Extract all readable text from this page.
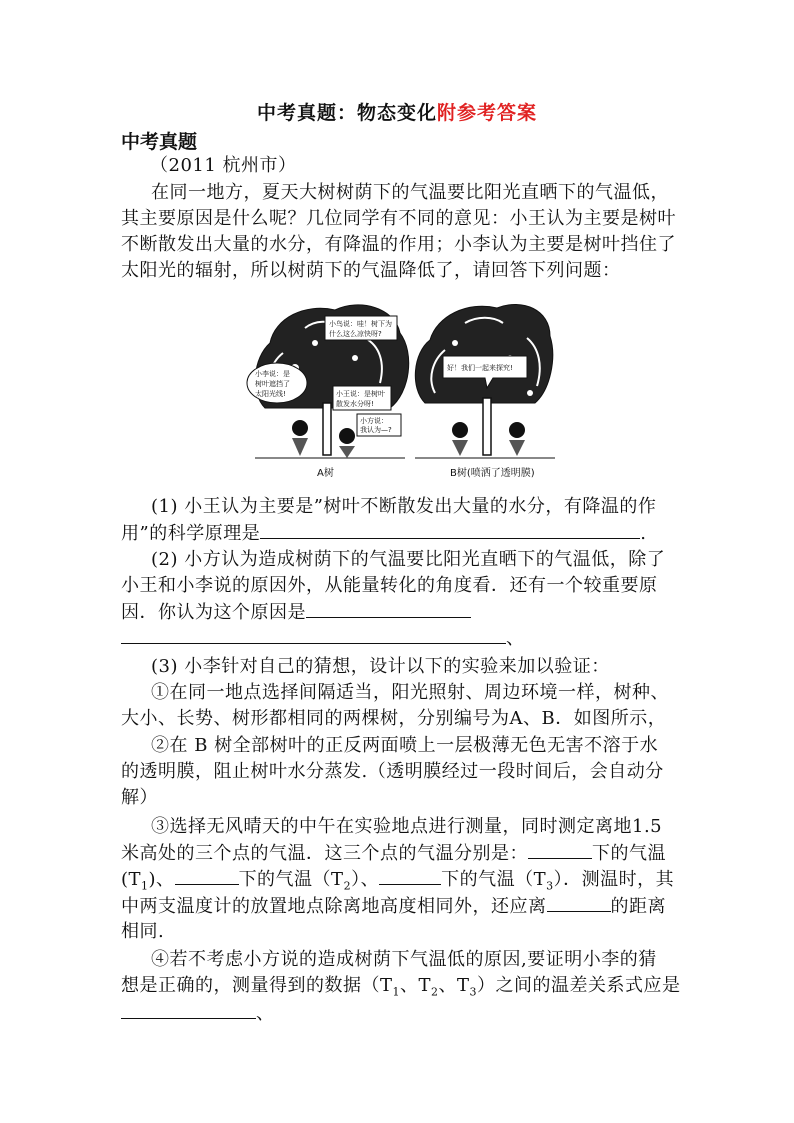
中考真题：物态变化附参考答案
中考真题
（2011 杭州市）
在同一地方，夏天大树树荫下的气温要比阳光直晒下的气温低，
其主要原因是什么呢？几位同学有不同的意见：小王认为主要是树叶
不断散发出大量的水分，有降温的作用；小李认为主要是树叶挡住了
太阳光的辐射，所以树荫下的气温降低了，请回答下列问题：
小鸟说：哇！树下为
什么这么凉快呀?
小李说：是
树叶遮挡了
太阳光线!	小王说：是树叶
散发水分呀!
小方说：
我认为—?
A树
好！我们一起来探究!
B树(喷洒了透明膜)
(1) 小王认为主要是”树叶不断散发出大量的水分，有降温的作
用”的科学原理是	.
(2) 小方认为造成树荫下的气温要比阳光直晒下的气温低，除了
小王和小李说的原因外，从能量转化的角度看．还有一个较重要原
因．你认为这个原因是
、
(3) 小李针对自己的猜想，设计以下的实验来加以验证：
①在同一地点选择间隔适当，阳光照射、周边环境一样，树种、
大小、长势、树形都相同的两棵树，分别编号为A、B．如图所示，
②在 B 树全部树叶的正反两面喷上一层极薄无色无害不溶于水
的透明膜，阻止树叶水分蒸发.（透明膜经过一段时间后，会自动分
解）
③选择无风晴天的中午在实验地点进行测量，同时测定离地1.5
米高处的三个点的气温．这三个点的气温分别是：	下的气温
$(T_1)$、	下的气温$(T_2)$、	下的气温$(T_3)$．测温时，其
中两支温度计的放置地点除离地高度相同外，还应离	的距离
相同.
④若不考虑小方说的造成树荫下气温低的原因,要证明小李的猜
想是正确的，测量得到的数据（$T_1$、$T_2$、$T_3$）之间的温差关系式应是
、
